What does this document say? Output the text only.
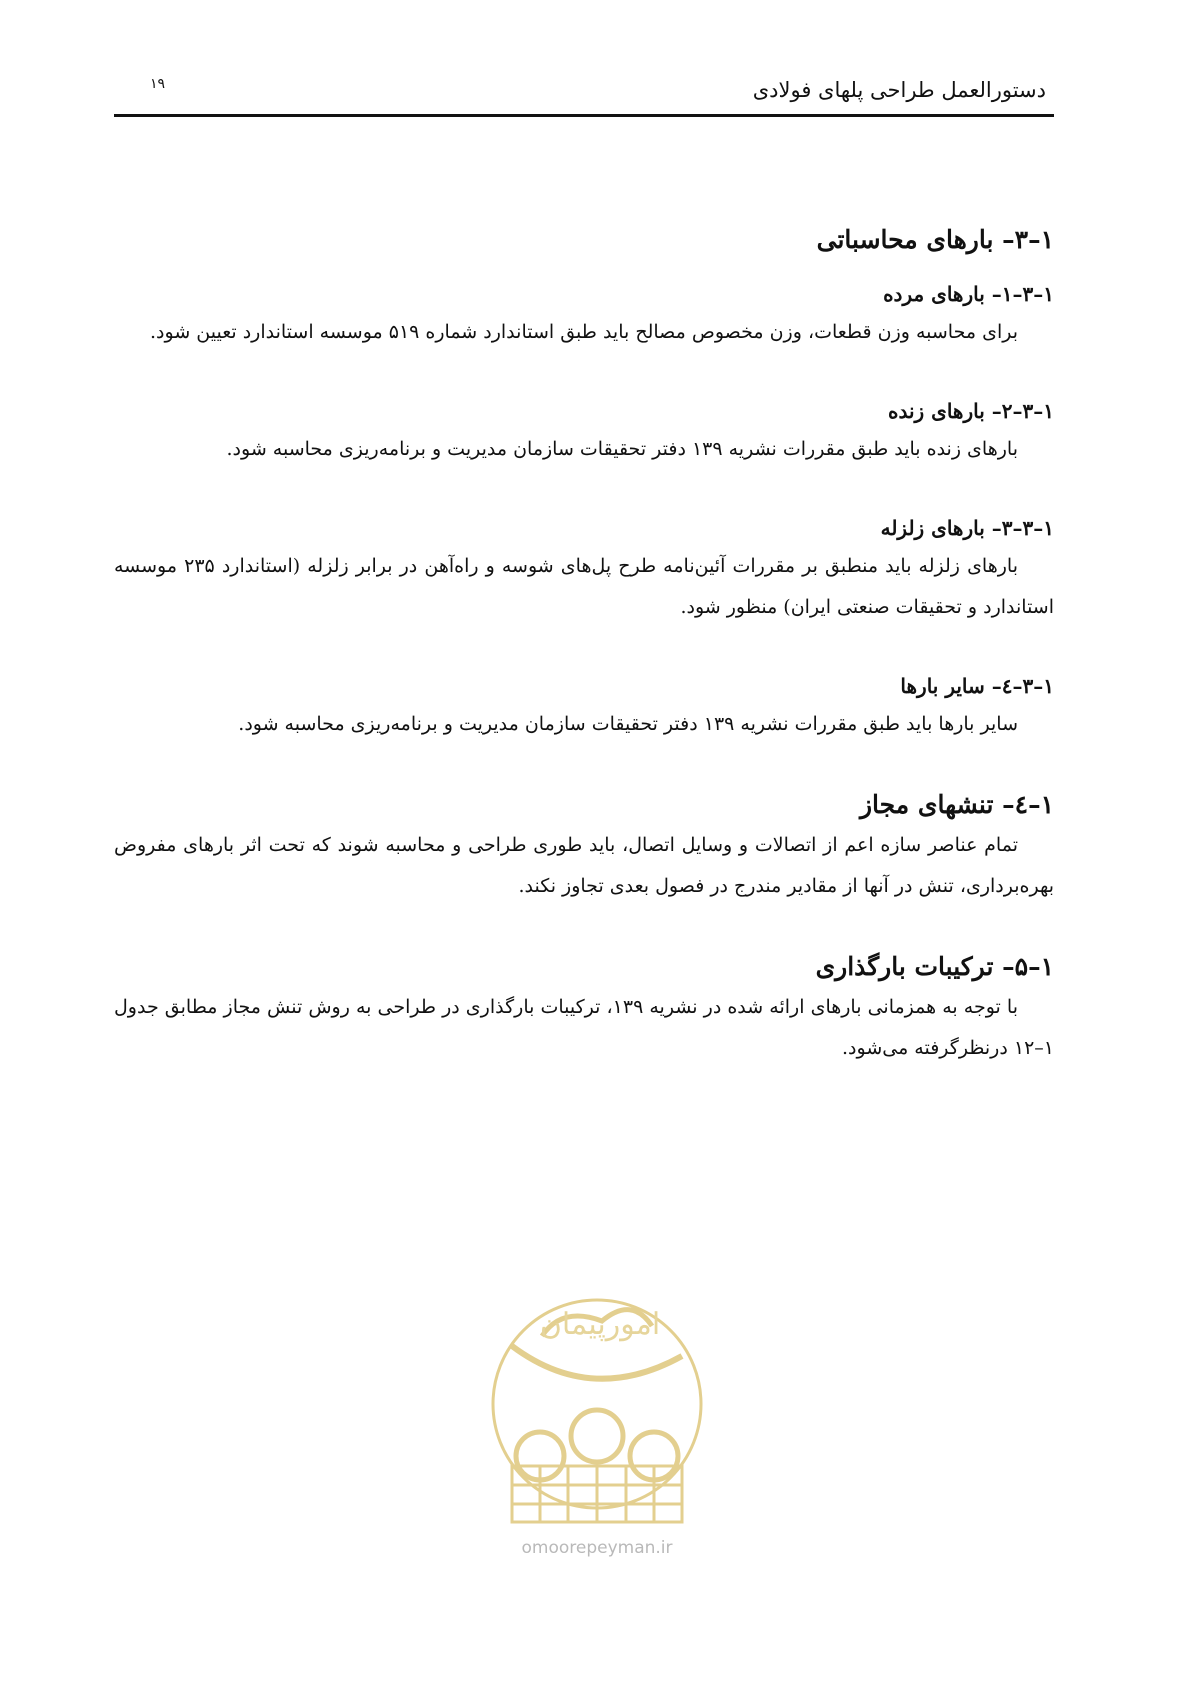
دستورالعمل طراحی پلهای فولادی
۱۹
۱–۳– بارهای محاسباتی
۱–۳–۱– بارهای مرده

برای محاسبه وزن قطعات، وزن مخصوص مصالح باید طبق استاندارد شماره ۵۱۹ موسسه استاندارد تعیین شود.

۱–۳–۲– بارهای زنده

بارهای زنده باید طبق مقررات نشریه ۱۳۹ دفتر تحقیقات سازمان مدیریت و برنامه‌ریزی محاسبه شود.

۱–۳–۳– بارهای زلزله

بارهای زلزله باید منطبق بر مقررات آئین‌نامه طرح پل‌های شوسه و راه‌آهن در برابر زلزله (استاندارد ۲۳۵ موسسه استاندارد و تحقیقات صنعتی ایران) منظور شود.

۱–۳–٤– سایر بارها

سایر بارها باید طبق مقررات نشریه ۱۳۹ دفتر تحقیقات سازمان مدیریت و برنامه‌ریزی محاسبه شود.

۱–٤– تنشهای مجاز

تمام عناصر سازه اعم از اتصالات و وسایل اتصال، باید طوری طراحی و محاسبه شوند که تحت اثر بارهای مفروض بهره‌برداری، تنش در آنها از مقادیر مندرج در فصول بعدی تجاوز نکند.

۱–۵– ترکیبات بارگذاری

با توجه به همزمانی بارهای ارائه شده در نشریه ۱۳۹، ترکیبات بارگذاری در طراحی به روش تنش مجاز مطابق جدول ۱–۱۲ درنظرگرفته می‌شود.

امورپیمان
omoorepeyman.ir
